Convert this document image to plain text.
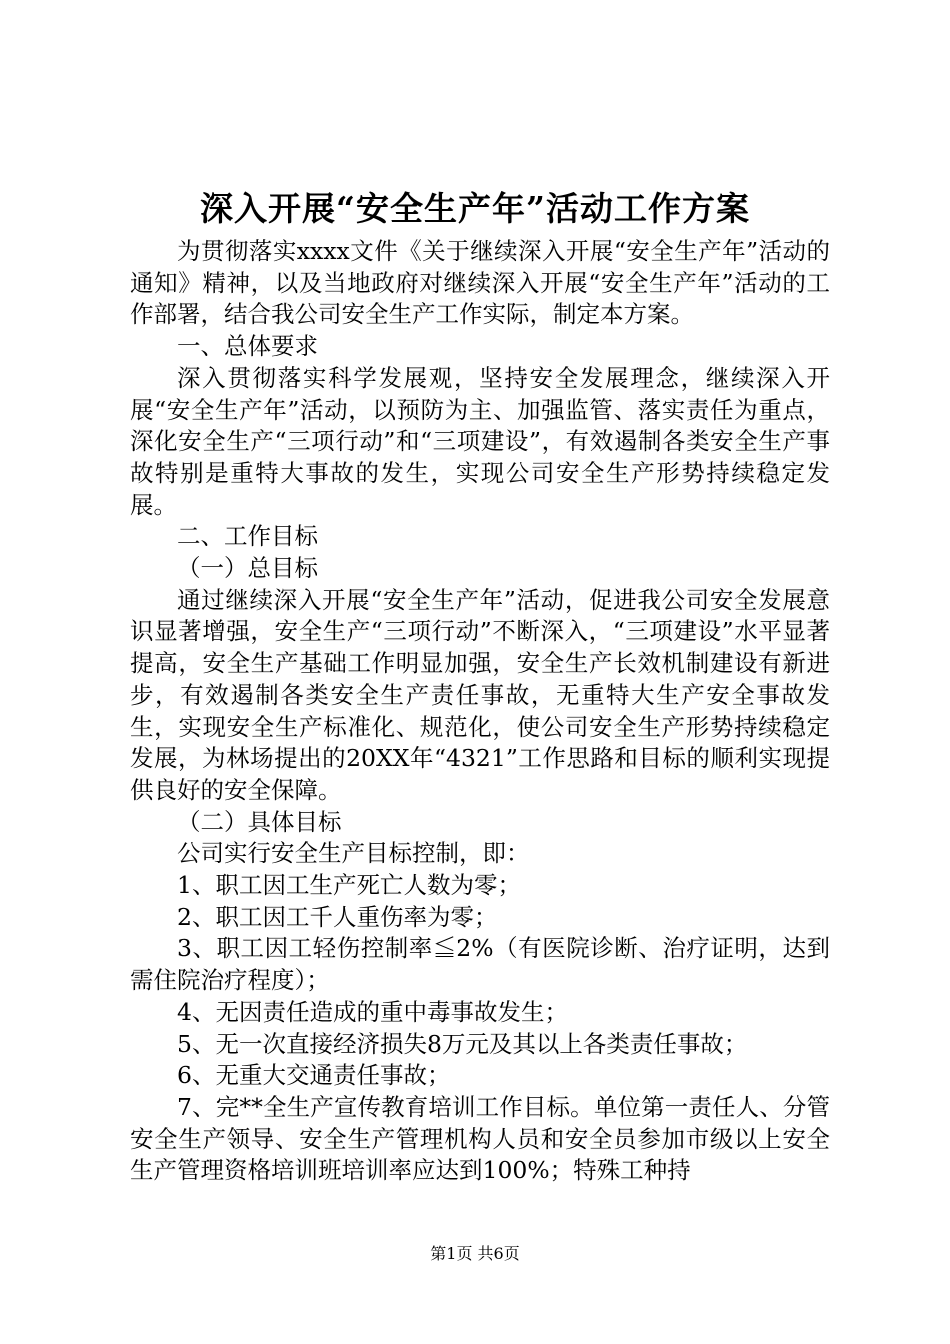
深入开展“安全生产年”活动工作方案

为贯彻落实xxxx文件《关于继续深入开展“安全生产年”活动的通知》精神，以及当地政府对继续深入开展“安全生产年”活动的工作部署，结合我公司安全生产工作实际，制定本方案。

一、总体要求

深入贯彻落实科学发展观，坚持安全发展理念，继续深入开展“安全生产年”活动，以预防为主、加强监管、落实责任为重点，深化安全生产“三项行动”和“三项建设”，有效遏制各类安全生产事故特别是重特大事故的发生，实现公司安全生产形势持续稳定发展。

二、工作目标

（一）总目标

通过继续深入开展“安全生产年”活动，促进我公司安全发展意识显著增强，安全生产“三项行动”不断深入，“三项建设”水平显著提高，安全生产基础工作明显加强，安全生产长效机制建设有新进步，有效遏制各类安全生产责任事故，无重特大生产安全事故发生，实现安全生产标准化、规范化，使公司安全生产形势持续稳定发展，为林场提出的20XX年“4321”工作思路和目标的顺利实现提供良好的安全保障。

（二）具体目标

公司实行安全生产目标控制，即：

1、职工因工生产死亡人数为零；

2、职工因工千人重伤率为零；

3、职工因工轻伤控制率≦2%（有医院诊断、治疗证明，达到需住院治疗程度）；

4、无因责任造成的重中毒事故发生；

5、无一次直接经济损失8万元及其以上各类责任事故；

6、无重大交通责任事故；

7、完**全生产宣传教育培训工作目标。单位第一责任人、分管安全生产领导、安全生产管理机构人员和安全员参加市级以上安全生产管理资格培训班培训率应达到100%；特殊工种持

第1页 共6页
